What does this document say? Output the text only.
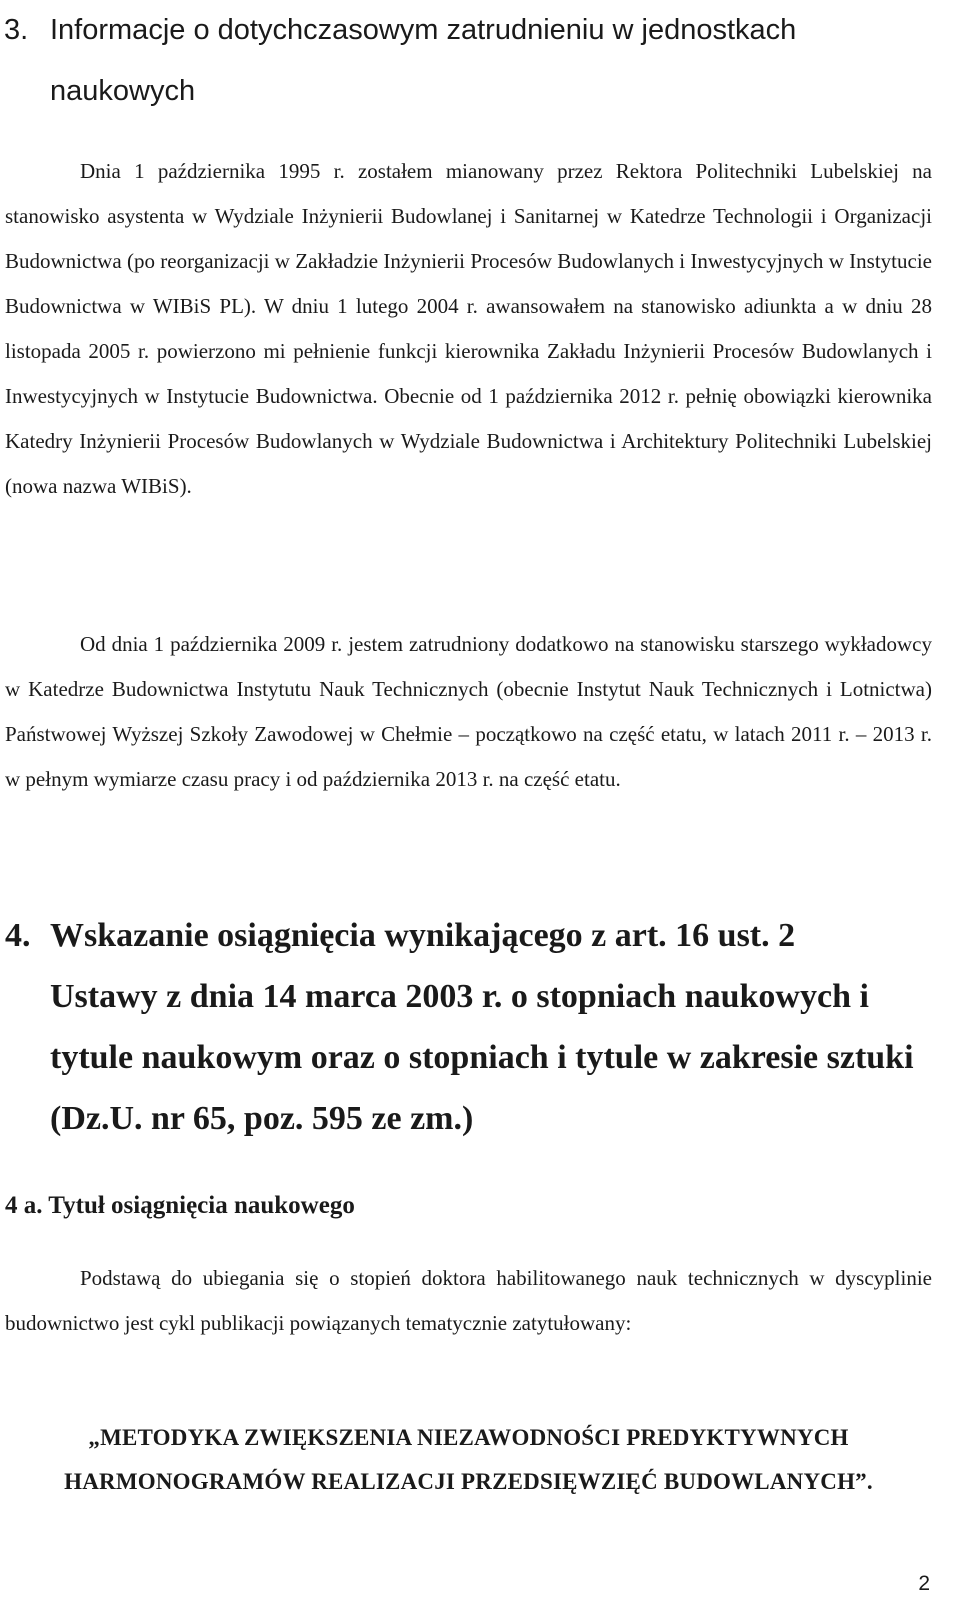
3. Informacje o dotychczasowym zatrudnieniu w jednostkach
naukowych

Dnia 1 października 1995 r. zostałem mianowany przez Rektora Politechniki Lubelskiej na stanowisko asystenta w Wydziale Inżynierii Budowlanej i Sanitarnej w Katedrze Technologii i Organizacji Budownictwa (po reorganizacji w Zakładzie Inżynierii Procesów Budowlanych i Inwestycyjnych w Instytucie Budownictwa w WIBiS PL). W dniu 1 lutego 2004 r. awansowałem na stanowisko adiunkta a w dniu 28 listopada 2005 r. powierzono mi pełnienie funkcji kierownika Zakładu Inżynierii Procesów Budowlanych i Inwestycyjnych w Instytucie Budownictwa. Obecnie od 1 października 2012 r. pełnię obowiązki kierownika Katedry Inżynierii Procesów Budowlanych w Wydziale Budownictwa i Architektury Politechniki Lubelskiej (nowa nazwa WIBiS).

Od dnia 1 października 2009 r. jestem zatrudniony dodatkowo na stanowisku starszego wykładowcy w Katedrze Budownictwa Instytutu Nauk Technicznych (obecnie Instytut Nauk Technicznych i Lotnictwa) Państwowej Wyższej Szkoły Zawodowej w Chełmie – początkowo na część etatu, w latach 2011 r. – 2013 r. w pełnym wymiarze czasu pracy i od października 2013 r. na część etatu.

4. Wskazanie osiągnięcia wynikającego z art. 16 ust. 2
Ustawy z dnia 14 marca 2003 r. o stopniach naukowych i tytule naukowym oraz o stopniach i tytule w zakresie sztuki (Dz.U. nr 65, poz. 595 ze zm.)
4 a. Tytuł osiągnięcia naukowego

Podstawą do ubiegania się o stopień doktora habilitowanego nauk technicznych w dyscyplinie budownictwo jest cykl publikacji powiązanych tematycznie zatytułowany:

„METODYKA ZWIĘKSZENIA NIEZAWODNOŚCI PREDYKTYWNYCH HARMONOGRAMÓW REALIZACJI PRZEDSIĘWZIĘĆ BUDOWLANYCH”.

2
